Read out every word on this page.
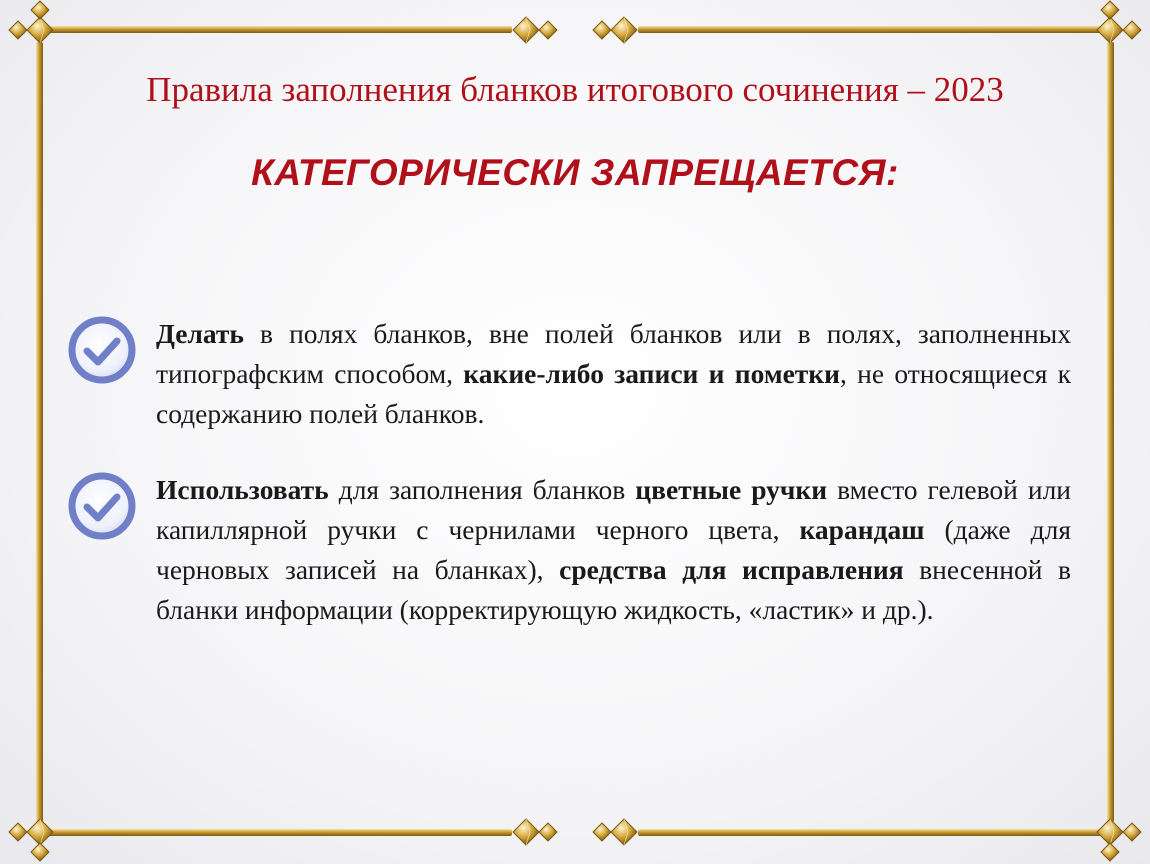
Правила заполнения бланков итогового сочинения – 2023
КАТЕГОРИЧЕСКИ ЗАПРЕЩАЕТСЯ:
Делать в полях бланков, вне полей бланков или в полях, заполненных типографским способом, какие-либо записи и пометки, не относящиеся к содержанию полей бланков.
Использовать для заполнения бланков цветные ручки вместо гелевой или капиллярной ручки с чернилами черного цвета, карандаш (даже для черновых записей на бланках), средства для исправления внесенной в бланки информации (корректирующую жидкость, «ластик» и др.).
